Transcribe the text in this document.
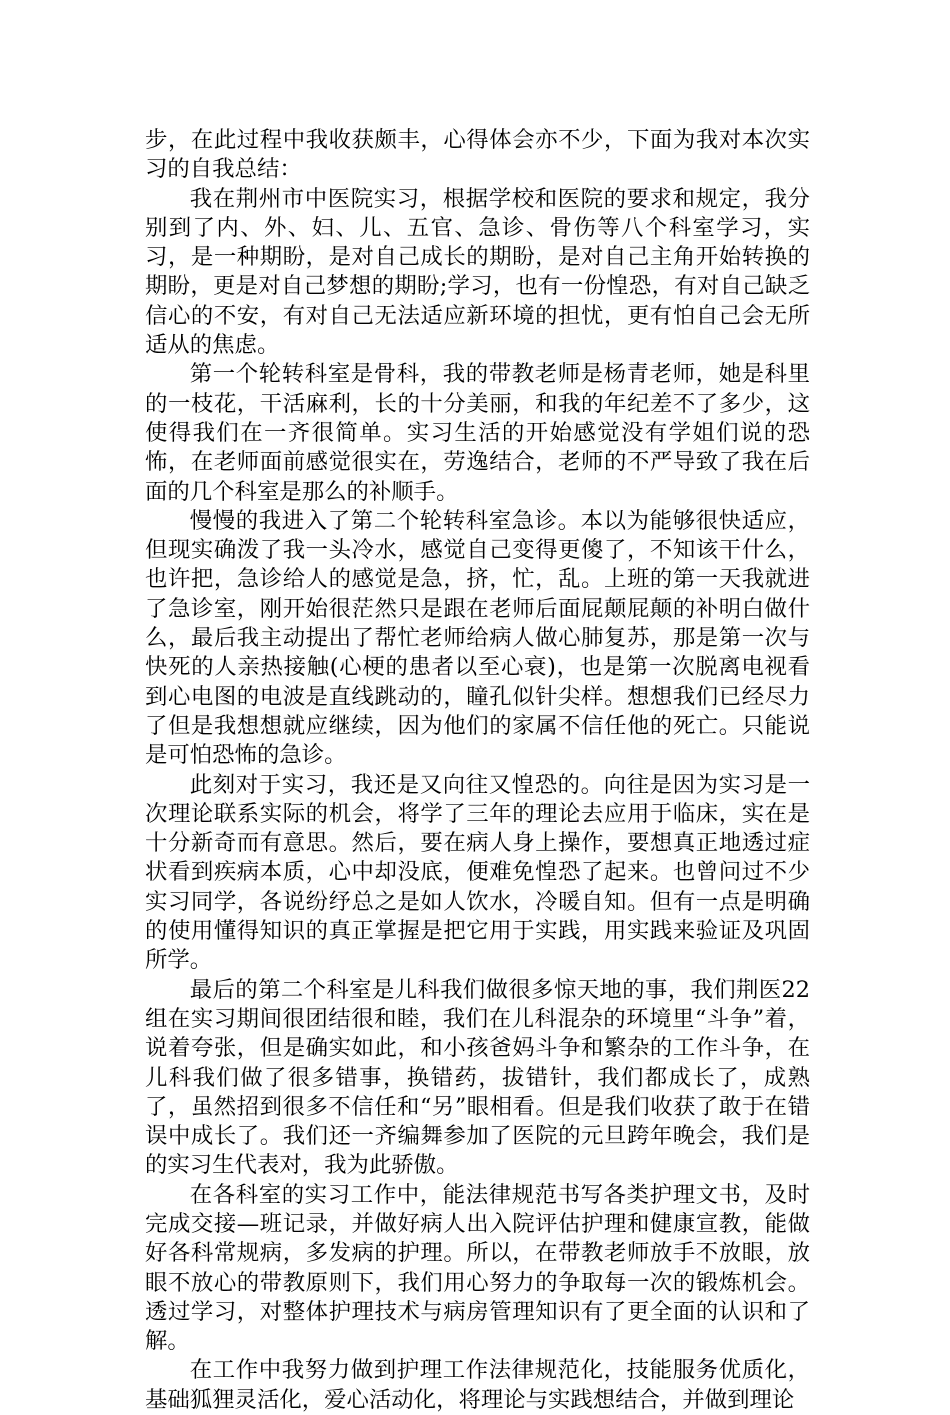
步，在此过程中我收获颇丰，心得体会亦不少，下面为我对本次实习的自我总结：

我在荆州市中医院实习，根据学校和医院的要求和规定，我分别到了内、外、妇、儿、五官、急诊、骨伤等八个科室学习，实习，是一种期盼，是对自己成长的期盼，是对自己主角开始转换的期盼，更是对自己梦想的期盼;学习，也有一份惶恐，有对自己缺乏信心的不安，有对自己无法适应新环境的担忧，更有怕自己会无所适从的焦虑。

第一个轮转科室是骨科，我的带教老师是杨青老师，她是科里的一枝花，干活麻利，长的十分美丽，和我的年纪差不了多少，这使得我们在一齐很简单。实习生活的开始感觉没有学姐们说的恐怖，在老师面前感觉很实在，劳逸结合，老师的不严导致了我在后面的几个科室是那么的补顺手。

慢慢的我进入了第二个轮转科室急诊。本以为能够很快适应，但现实确泼了我一头冷水，感觉自己变得更傻了，不知该干什么，也许把，急诊给人的感觉是急，挤，忙，乱。上班的第一天我就进了急诊室，刚开始很茫然只是跟在老师后面屁颠屁颠的补明白做什么，最后我主动提出了帮忙老师给病人做心肺复苏，那是第一次与快死的人亲热接触(心梗的患者以至心衰)，也是第一次脱离电视看到心电图的电波是直线跳动的，瞳孔似针尖样。想想我们已经尽力了但是我想想就应继续，因为他们的家属不信任他的死亡。只能说是可怕恐怖的急诊。

此刻对于实习，我还是又向往又惶恐的。向往是因为实习是一次理论联系实际的机会，将学了三年的理论去应用于临床，实在是十分新奇而有意思。然后，要在病人身上操作，要想真正地透过症状看到疾病本质，心中却没底，便难免惶恐了起来。也曾问过不少实习同学，各说纷纾总之是如人饮水，冷暖自知。但有一点是明确的使用懂得知识的真正掌握是把它用于实践，用实践来验证及巩固所学。

最后的第二个科室是儿科我们做很多惊天地的事，我们荆医22组在实习期间很团结很和睦，我们在儿科混杂的环境里“斗争”着，说着夸张，但是确实如此，和小孩爸妈斗争和繁杂的工作斗争，在儿科我们做了很多错事，换错药，拔错针，我们都成长了，成熟了，虽然招到很多不信任和“另”眼相看。但是我们收获了敢于在错误中成长了。我们还一齐编舞参加了医院的元旦跨年晚会，我们是的实习生代表对，我为此骄傲。

在各科室的实习工作中，能法律规范书写各类护理文书，及时完成交接—班记录，并做好病人出入院评估护理和健康宣教，能做好各科常规病，多发病的护理。所以，在带教老师放手不放眼，放眼不放心的带教原则下，我们用心努力的争取每一次的锻炼机会。透过学习，对整体护理技术与病房管理知识有了更全面的认识和了解。

在工作中我努力做到护理工作法律规范化，技能服务优质化，基础狐狸灵活化，爱心活动化，将理论与实践想结合，并做到理论
